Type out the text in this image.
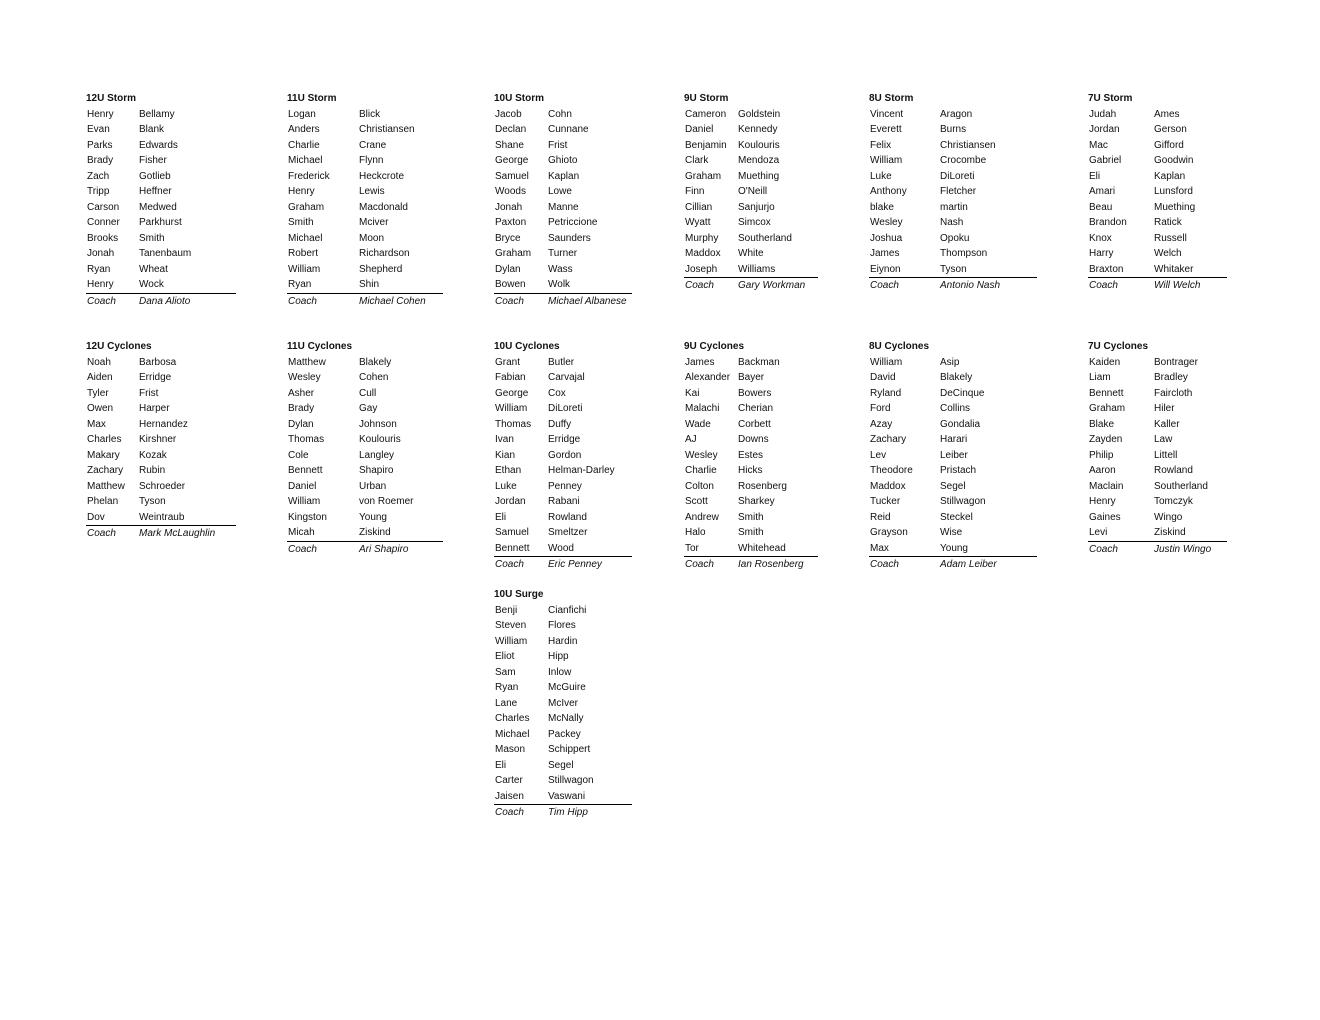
12U Storm
Henry	Bellamy
Evan	Blank
Parks	Edwards
Brady	Fisher
Zach	Gotlieb
Tripp	Heffner
Carson	Medwed
Conner	Parkhurst
Brooks	Smith
Jonah	Tanenbaum
Ryan	Wheat
Henry	Wock
Coach	Dana Alioto
11U Storm
Logan	Blick
Anders	Christiansen
Charlie	Crane
Michael	Flynn
Frederick	Heckcrote
Henry	Lewis
Graham	Macdonald
Smith	Mciver
Michael	Moon
Robert	Richardson
William	Shepherd
Ryan	Shin
Coach	Michael Cohen
10U Storm
Jacob	Cohn
Declan	Cunnane
Shane	Frist
George	Ghioto
Samuel	Kaplan
Woods	Lowe
Jonah	Manne
Paxton	Petriccione
Bryce	Saunders
Graham	Turner
Dylan	Wass
Bowen	Wolk
Coach	Michael Albanese
9U Storm
Cameron	Goldstein
Daniel	Kennedy
Benjamin	Koulouris
Clark	Mendoza
Graham	Muething
Finn	O'Neill
Cillian	Sanjurjo
Wyatt	Simcox
Murphy	Southerland
Maddox	White
Joseph	Williams
Coach	Gary Workman
8U Storm
Vincent	Aragon
Everett	Burns
Felix	Christiansen
William	Crocombe
Luke	DiLoreti
Anthony	Fletcher
blake	martin
Wesley	Nash
Joshua	Opoku
James	Thompson
Eiynon	Tyson
Coach	Antonio Nash
7U Storm
Judah	Ames
Jordan	Gerson
Mac	Gifford
Gabriel	Goodwin
Eli	Kaplan
Amari	Lunsford
Beau	Muething
Brandon	Ratick
Knox	Russell
Harry	Welch
Braxton	Whitaker
Coach	Will Welch
12U Cyclones
Noah	Barbosa
Aiden	Erridge
Tyler	Frist
Owen	Harper
Max	Hernandez
Charles	Kirshner
Makary	Kozak
Zachary	Rubin
Matthew	Schroeder
Phelan	Tyson
Dov	Weintraub
Coach	Mark McLaughlin
11U Cyclones
Matthew	Blakely
Wesley	Cohen
Asher	Cull
Brady	Gay
Dylan	Johnson
Thomas	Koulouris
Cole	Langley
Bennett	Shapiro
Daniel	Urban
William	von Roemer
Kingston	Young
Micah	Ziskind
Coach	Ari Shapiro
10U Cyclones
Grant	Butler
Fabian	Carvajal
George	Cox
William	DiLoreti
Thomas	Duffy
Ivan	Erridge
Kian	Gordon
Ethan	Helman-Darley
Luke	Penney
Jordan	Rabani
Eli	Rowland
Samuel	Smeltzer
Bennett	Wood
Coach	Eric Penney
9U Cyclones
James	Backman
Alexander	Bayer
Kai	Bowers
Malachi	Cherian
Wade	Corbett
AJ	Downs
Wesley	Estes
Charlie	Hicks
Colton	Rosenberg
Scott	Sharkey
Andrew	Smith
Halo	Smith
Tor	Whitehead
Coach	Ian Rosenberg
8U Cyclones
William	Asip
David	Blakely
Ryland	DeCinque
Ford	Collins
Azay	Gondalia
Zachary	Harari
Lev	Leiber
Theodore	Pristach
Maddox	Segel
Tucker	Stillwagon
Reid	Steckel
Grayson	Wise
Max	Young
Coach	Adam Leiber
7U Cyclones
Kaiden	Bontrager
Liam	Bradley
Bennett	Faircloth
Graham	Hiler
Blake	Kaller
Zayden	Law
Philip	Littell
Aaron	Rowland
Maclain	Southerland
Henry	Tomczyk
Gaines	Wingo
Levi	Ziskind
Coach	Justin Wingo
10U Surge
Benji	Cianfichi
Steven	Flores
William	Hardin
Eliot	Hipp
Sam	Inlow
Ryan	McGuire
Lane	McIver
Charles	McNally
Michael	Packey
Mason	Schippert
Eli	Segel
Carter	Stillwagon
Jaisen	Vaswani
Coach	Tim Hipp
